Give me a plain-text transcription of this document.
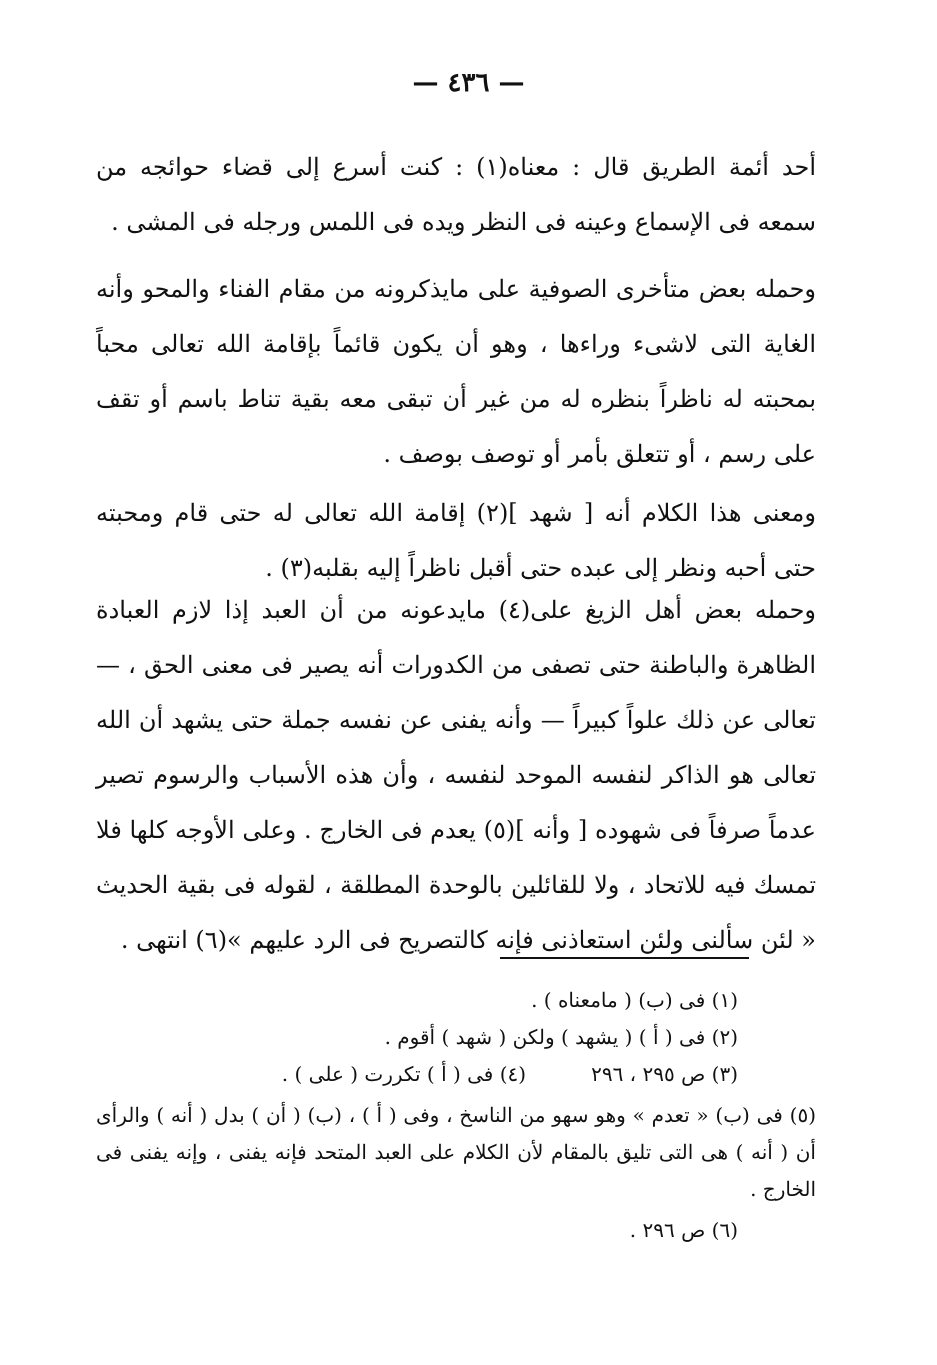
— ٤٣٦ —

أحد أئمة الطريق قال : معناه(١) : كنت أسرع إلى قضاء حوائجه من سمعه فى الإسماع وعينه فى النظر ويده فى اللمس ورجله فى المشى .

وحمله بعض متأخرى الصوفية على مايذكرونه من مقام الفناء والمحو وأنه الغاية التى لاشىء وراءها ، وهو أن يكون قائماً بإقامة الله تعالى محباً بمحبته له ناظراً بنظره له من غير أن تبقى معه بقية تناط باسم أو تقف على رسم ، أو تتعلق بأمر أو توصف بوصف .

ومعنى هذا الكلام أنه [ شهد ](٢) إقامة الله تعالى له حتى قام ومحبته حتى أحبه ونظر إلى عبده حتى أقبل ناظراً إليه بقلبه(٣) .

وحمله بعض أهل الزيغ على(٤) مايدعونه من أن العبد إذا لازم العبادة الظاهرة والباطنة حتى تصفى من الكدورات أنه يصير فى معنى الحق ، — تعالى عن ذلك علواً كبيراً — وأنه يفنى عن نفسه جملة حتى يشهد أن الله تعالى هو الذاكر لنفسه الموحد لنفسه ، وأن هذه الأسباب والرسوم تصير عدماً صرفاً فى شهوده [ وأنه ](٥) يعدم فى الخارج . وعلى الأوجه كلها فلا تمسك فيه للاتحاد ، ولا للقائلين بالوحدة المطلقة ، لقوله فى بقية الحديث « لئن سألنى ولئن استعاذنى فإنه كالتصريح فى الرد عليهم »(٦) انتهى .

(١) فى (ب) ( مامعناه ) .
(٢) فى ( أ ) ( يشهد ) ولكن ( شهد ) أقوم .
(٣) ص ٢٩٥ ، ٢٩٦
(٤) فى ( أ ) تكررت ( على ) .
(٥) فى (ب) « تعدم » وهو سهو من الناسخ ، وفى ( أ ) ، (ب) ( أن ) بدل ( أنه ) والرأى أن ( أنه ) هى التى تليق بالمقام لأن الكلام على العبد المتحد فإنه يفنى ، وإنه يفنى فى الخارج .
(٦) ص ٢٩٦ .
